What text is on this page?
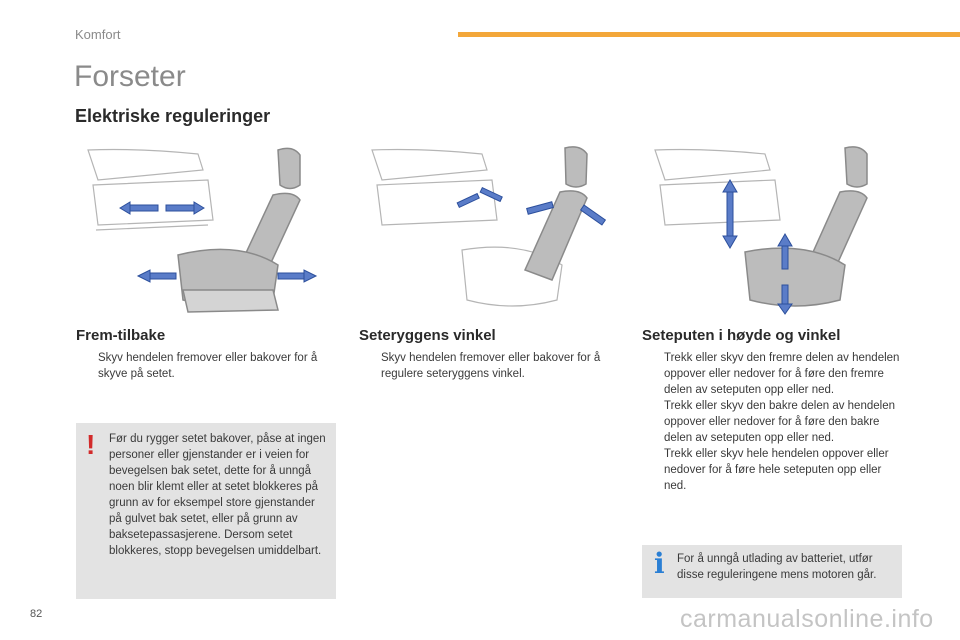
Komfort
Forseter
Elektriske reguleringer
Frem-tilbake	Seteryggens vinkel	Seteputen i høyde og vinkel
Skyv hendelen fremover eller bakover for å skyve på setet.
Skyv hendelen fremover eller bakover for å regulere seteryggens vinkel.
Trekk eller skyv den fremre delen av hendelen oppover eller nedover for å føre den fremre delen av seteputen opp eller ned.
Trekk eller skyv den bakre delen av hendelen oppover eller nedover for å føre den bakre delen av seteputen opp eller ned.
Trekk eller skyv hele hendelen oppover eller nedover for å føre hele seteputen opp eller ned.
! Før du rygger setet bakover, påse at ingen personer eller gjenstander er i veien for bevegelsen bak setet, dette for å unngå noen blir klemt eller at setet blokkeres på grunn av for eksempel store gjenstander på gulvet bak setet, eller på grunn av baksetepassasjerene. Dersom setet blokkeres, stopp bevegelsen umiddelbart.	i For å unngå utlading av batteriet, utfør disse reguleringene mens motoren går.
82	carmanualsonline.info
